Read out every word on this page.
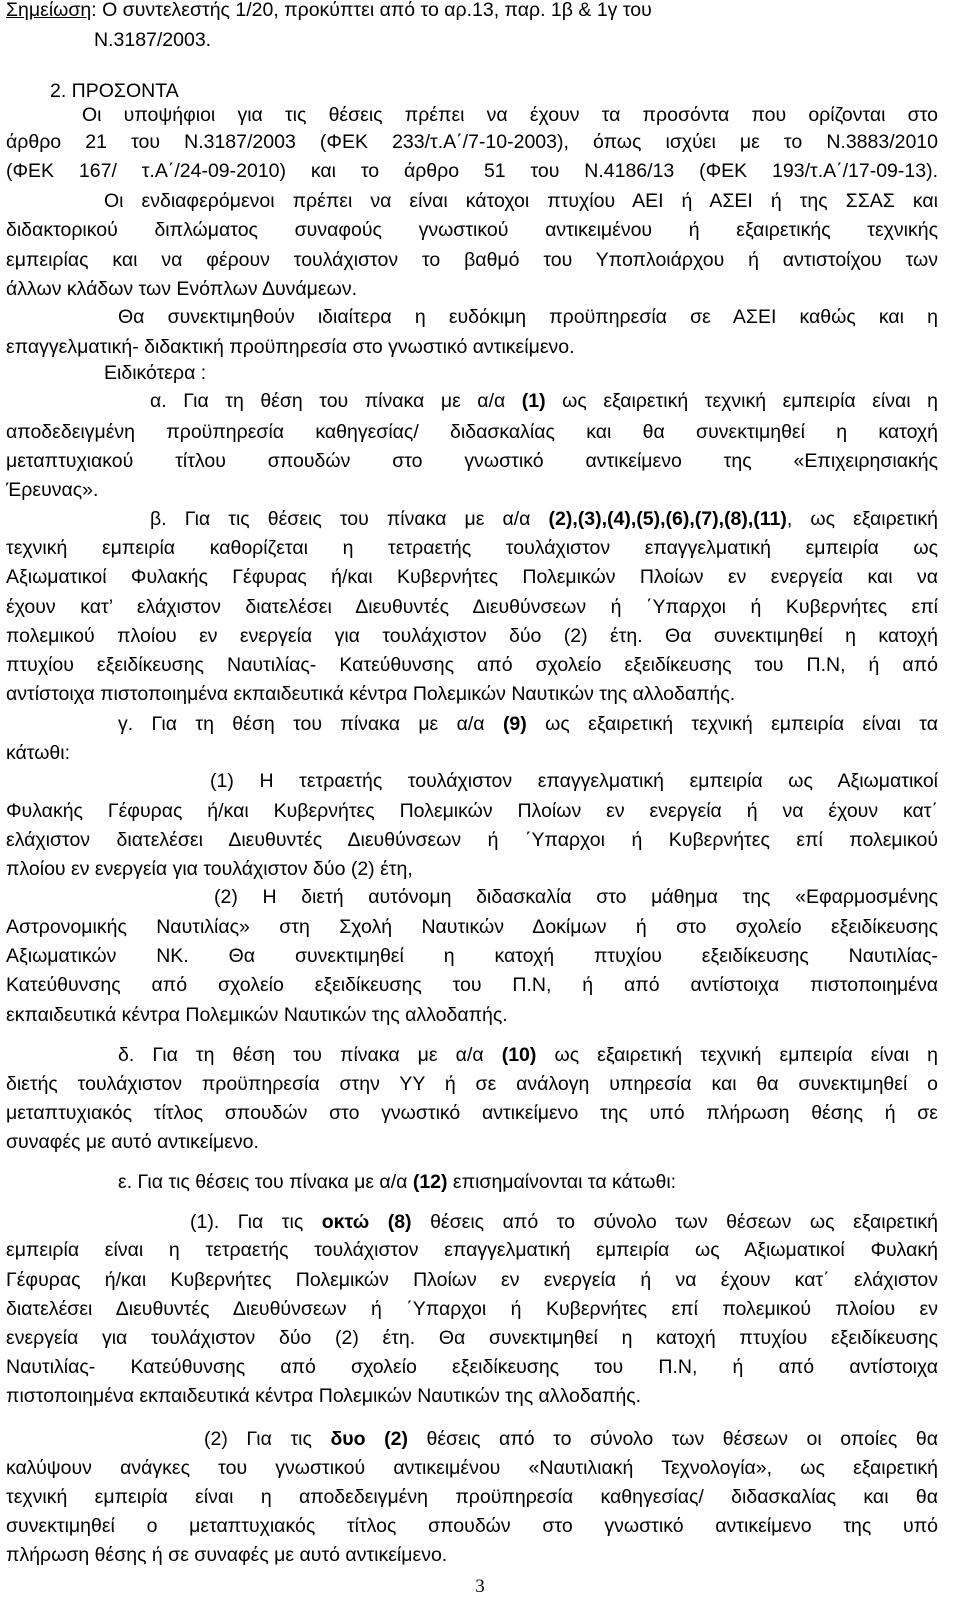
Σημείωση: Ο συντελεστής 1/20, προκύπτει από το αρ.13, παρ. 1β & 1γ του
Ν.3187/2003.
2. ΠΡΟΣΟΝΤΑ
Οι υποψήφιοι για τις θέσεις πρέπει να έχουν τα προσόντα που ορίζονται στο
άρθρο 21 του Ν.3187/2003 (ΦΕΚ 233/τ.Α΄/7-10-2003), όπως ισχύει με το Ν.3883/2010
(ΦΕΚ 167/ τ.Α΄/24-09-2010) και το άρθρο 51 του Ν.4186/13 (ΦΕΚ 193/τ.Α΄/17-09-13).
Οι ενδιαφερόμενοι πρέπει να είναι κάτοχοι πτυχίου ΑΕΙ ή ΑΣΕΙ ή της ΣΣΑΣ και
διδακτορικού διπλώματος συναφούς γνωστικού αντικειμένου ή εξαιρετικής τεχνικής
εμπειρίας και να φέρουν τουλάχιστον το βαθμό του Υποπλοιάρχου ή αντιστοίχου των
άλλων κλάδων των Ενόπλων Δυνάμεων.
Θα συνεκτιμηθούν ιδιαίτερα η ευδόκιμη προϋπηρεσία σε ΑΣΕΙ καθώς και η
επαγγελματική- διδακτική προϋπηρεσία στο γνωστικό αντικείμενο.
Ειδικότερα :
α. Για τη θέση του πίνακα με α/α (1) ως εξαιρετική τεχνική εμπειρία είναι η
αποδεδειγμένη προϋπηρεσία καθηγεσίας/ διδασκαλίας και θα συνεκτιμηθεί η κατοχή
μεταπτυχιακού τίτλου σπουδών στο γνωστικό αντικείμενο της «Επιχειρησιακής
Έρευνας».
β. Για τις θέσεις του πίνακα με α/α (2),(3),(4),(5),(6),(7),(8),(11), ως εξαιρετική
τεχνική εμπειρία καθορίζεται η τετραετής τουλάχιστον επαγγελματική εμπειρία ως
Αξιωματικοί Φυλακής Γέφυρας ή/και Κυβερνήτες Πολεμικών Πλοίων εν ενεργεία και να
έχουν κατ’ ελάχιστον διατελέσει Διευθυντές Διευθύνσεων ή ΄Υπαρχοι ή Κυβερνήτες επί
πολεμικού πλοίου εν ενεργεία για τουλάχιστον δύο (2) έτη. Θα συνεκτιμηθεί η κατοχή
πτυχίου εξειδίκευσης Ναυτιλίας- Κατεύθυνσης από σχολείο εξειδίκευσης του Π.Ν, ή από
αντίστοιχα πιστοποιημένα εκπαιδευτικά κέντρα Πολεμικών Ναυτικών της αλλοδαπής.
γ. Για τη θέση του πίνακα με α/α (9) ως εξαιρετική τεχνική εμπειρία είναι τα
κάτωθι:
(1) Η τετραετής τουλάχιστον επαγγελματική εμπειρία ως Αξιωματικοί
Φυλακής Γέφυρας ή/και Κυβερνήτες Πολεμικών Πλοίων εν ενεργεία ή να έχουν κατ΄
ελάχιστον διατελέσει Διευθυντές Διευθύνσεων ή ΄Υπαρχοι ή Κυβερνήτες επί πολεμικού
πλοίου εν ενεργεία για τουλάχιστον δύο (2) έτη,
(2) Η διετή αυτόνομη διδασκαλία στο μάθημα της «Εφαρμοσμένης
Αστρονομικής Ναυτιλίας» στη Σχολή Ναυτικών Δοκίμων ή στο σχολείο εξειδίκευσης
Αξιωματικών ΝΚ. Θα συνεκτιμηθεί η κατοχή πτυχίου εξειδίκευσης Ναυτιλίας-
Κατεύθυνσης από σχολείο εξειδίκευσης του Π.Ν, ή από αντίστοιχα πιστοποιημένα
εκπαιδευτικά κέντρα Πολεμικών Ναυτικών της αλλοδαπής.
δ. Για τη θέση του πίνακα με α/α (10) ως εξαιρετική τεχνική εμπειρία είναι η
διετής τουλάχιστον προϋπηρεσία στην ΥΥ ή σε ανάλογη υπηρεσία και θα συνεκτιμηθεί ο
μεταπτυχιακός τίτλος σπουδών στο γνωστικό αντικείμενο της υπό πλήρωση θέσης ή σε
συναφές με αυτό αντικείμενο.
ε. Για τις θέσεις του πίνακα με α/α (12) επισημαίνονται τα κάτωθι:
(1). Για τις οκτώ (8) θέσεις από το σύνολο των θέσεων ως εξαιρετική
εμπειρία είναι η τετραετής τουλάχιστον επαγγελματική εμπειρία ως Αξιωματικοί Φυλακή
Γέφυρας ή/και Κυβερνήτες Πολεμικών Πλοίων εν ενεργεία ή να έχουν κατ΄ ελάχιστον
διατελέσει Διευθυντές Διευθύνσεων ή ΄Υπαρχοι ή Κυβερνήτες επί πολεμικού πλοίου εν
ενεργεία για τουλάχιστον δύο (2) έτη. Θα συνεκτιμηθεί η κατοχή πτυχίου εξειδίκευσης
Ναυτιλίας- Κατεύθυνσης από σχολείο εξειδίκευσης του Π.Ν, ή από αντίστοιχα
πιστοποιημένα εκπαιδευτικά κέντρα Πολεμικών Ναυτικών της αλλοδαπής.
(2) Για τις δυο (2) θέσεις από το σύνολο των θέσεων οι οποίες θα
καλύψουν ανάγκες του γνωστικού αντικειμένου «Ναυτιλιακή Τεχνολογία», ως εξαιρετική
τεχνική εμπειρία είναι η αποδεδειγμένη προϋπηρεσία καθηγεσίας/ διδασκαλίας και θα
συνεκτιμηθεί ο μεταπτυχιακός τίτλος σπουδών στο γνωστικό αντικείμενο της υπό
πλήρωση θέσης ή σε συναφές με αυτό αντικείμενο.
3
